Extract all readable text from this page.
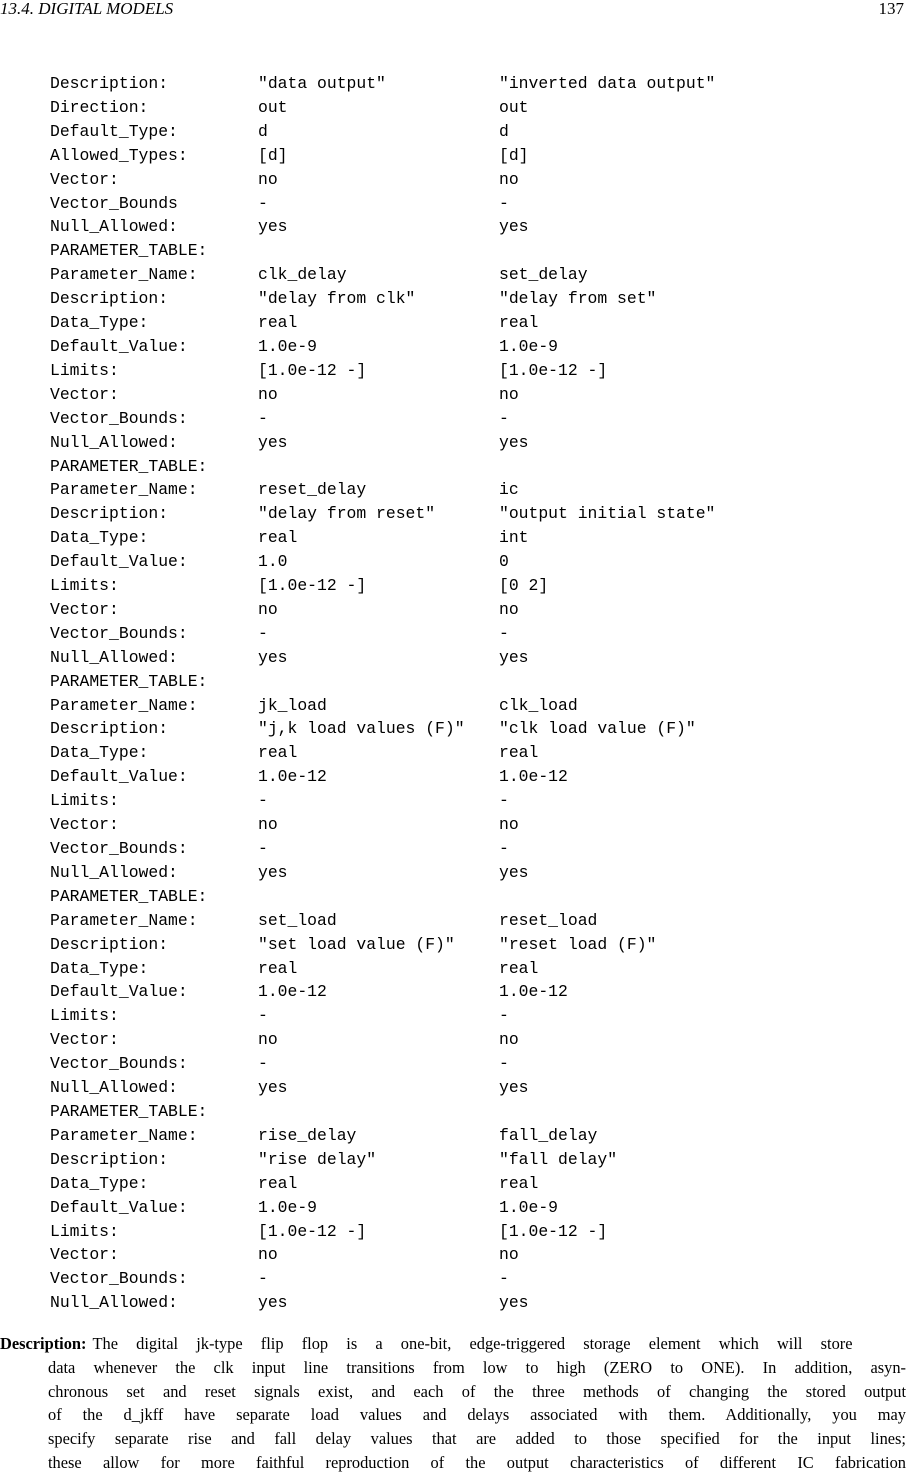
13.4. DIGITAL MODELS	137
Description:	"data output"	"inverted data output"
Direction:	out	out
Default_Type:	d	d
Allowed_Types:	[d]	[d]
Vector:	no	no
Vector_Bounds	-	-
Null_Allowed:	yes	yes
PARAMETER_TABLE:
Parameter_Name:	clk_delay	set_delay
Description:	"delay from clk"	"delay from set"
Data_Type:	real	real
Default_Value:	1.0e-9	1.0e-9
Limits:	[1.0e-12 -]	[1.0e-12 -]
Vector:	no	no
Vector_Bounds:	-	-
Null_Allowed:	yes	yes
PARAMETER_TABLE:
Parameter_Name:	reset_delay	ic
Description:	"delay from reset"	"output initial state"
Data_Type:	real	int
Default_Value:	1.0	0
Limits:	[1.0e-12 -]	[0 2]
Vector:	no	no
Vector_Bounds:	-	-
Null_Allowed:	yes	yes
PARAMETER_TABLE:
Parameter_Name:	jk_load	clk_load
Description:	"j,k load values (F)" "clk load value (F)"
Data_Type:	real	real
Default_Value:	1.0e-12	1.0e-12
Limits:	-	-
Vector:	no	no
Vector_Bounds:	-	-
Null_Allowed:	yes	yes
PARAMETER_TABLE:
Parameter_Name:	set_load	reset_load
Description:	"set load value (F)"	"reset load (F)"
Data_Type:	real	real
Default_Value:	1.0e-12	1.0e-12
Limits:	-	-
Vector:	no	no
Vector_Bounds:	-	-
Null_Allowed:	yes	yes
PARAMETER_TABLE:
Parameter_Name:	rise_delay	fall_delay
Description:	"rise delay"	"fall delay"
Data_Type:	real	real
Default_Value:	1.0e-9	1.0e-9
Limits:	[1.0e-12 -]	[1.0e-12 -]
Vector:	no	no
Vector_Bounds:	-	-
Null_Allowed:	yes	yes
Description: The digital jk-type flip flop is a one-bit, edge-triggered storage element which will store
data whenever the clk input line transitions from low to high (ZERO to ONE). In addition, asyn-
chronous set and reset signals exist, and each of the three methods of changing the stored output
of the d_jkff have separate load values and delays associated with them. Additionally, you may
specify separate rise and fall delay values that are added to those specified for the input lines;
these allow for more faithful reproduction of the output characteristics of different IC fabrication
